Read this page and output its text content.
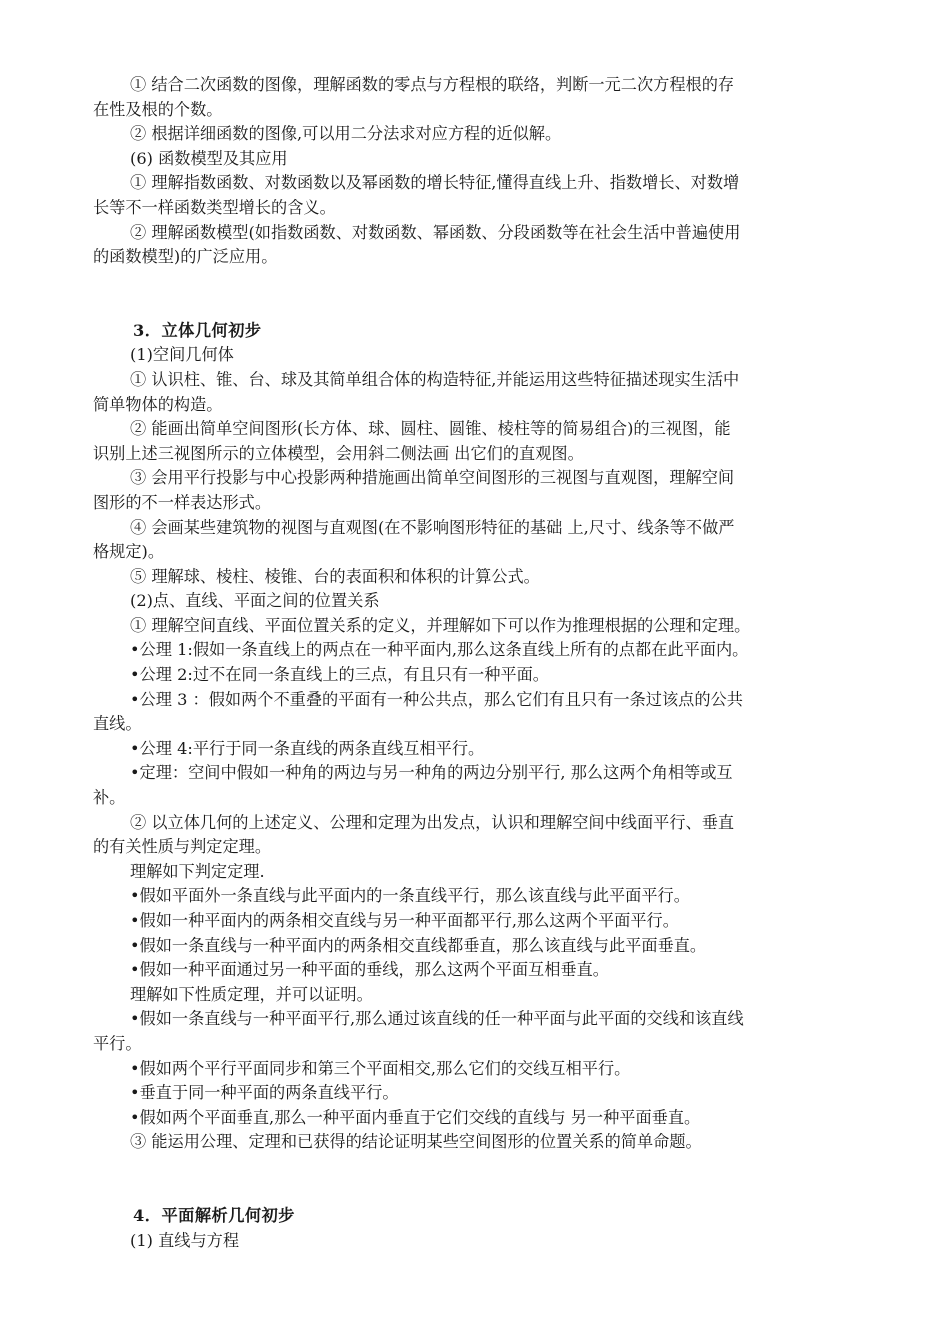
① 结合二次函数的图像，理解函数的零点与方程根的联络，判断一元二次方程根的存
在性及根的个数。
② 根据详细函数的图像,可以用二分法求对应方程的近似解。
(6) 函数模型及其应用
① 理解指数函数、对数函数以及幂函数的增长特征,懂得直线上升、指数增长、对数增
长等不一样函数类型增长的含义。
② 理解函数模型(如指数函数、对数函数、幂函数、分段函数等在社会生活中普遍使用
的函数模型)的广泛应用。
3．立体几何初步
(1)空间几何体
① 认识柱、锥、台、球及其简单组合体的构造特征,并能运用这些特征描述现实生活中
简单物体的构造。
② 能画出简单空间图形(长方体、球、圆柱、圆锥、棱柱等的简易组合)的三视图，能
识别上述三视图所示的立体模型，会用斜二侧法画 出它们的直观图。
③ 会用平行投影与中心投影两种措施画出简单空间图形的三视图与直观图，理解空间
图形的不一样表达形式。
④ 会画某些建筑物的视图与直观图(在不影响图形特征的基础 上,尺寸、线条等不做严
格规定)。
⑤ 理解球、棱柱、棱锥、台的表面积和体积的计算公式。
(2)点、直线、平面之间的位置关系
① 理解空间直线、平面位置关系的定义，并理解如下可以作为推理根据的公理和定理。
•公理 1:假如一条直线上的两点在一种平面内,那么这条直线上所有的点都在此平面内。
•公理 2:过不在同一条直线上的三点，有且只有一种平面。
•公理 3 ：假如两个不重叠的平面有一种公共点，那么它们有且只有一条过该点的公共
直线。
•公理 4:平行于同一条直线的两条直线互相平行。
•定理：空间中假如一种角的两边与另一种角的两边分别平行, 那么这两个角相等或互
补。
② 以立体几何的上述定义、公理和定理为出发点，认识和理解空间中线面平行、垂直
的有关性质与判定定理。
理解如下判定定理.
•假如平面外一条直线与此平面内的一条直线平行，那么该直线与此平面平行。
•假如一种平面内的两条相交直线与另一种平面都平行,那么这两个平面平行。
•假如一条直线与一种平面内的两条相交直线都垂直，那么该直线与此平面垂直。
•假如一种平面通过另一种平面的垂线，那么这两个平面互相垂直。
理解如下性质定理，并可以证明。
•假如一条直线与一种平面平行,那么通过该直线的任一种平面与此平面的交线和该直线
平行。
•假如两个平行平面同步和第三个平面相交,那么它们的交线互相平行。
•垂直于同一种平面的两条直线平行。
•假如两个平面垂直,那么一种平面内垂直于它们交线的直线与 另一种平面垂直。
③ 能运用公理、定理和已获得的结论证明某些空间图形的位置关系的简单命题。
4．平面解析几何初步
(1) 直线与方程
